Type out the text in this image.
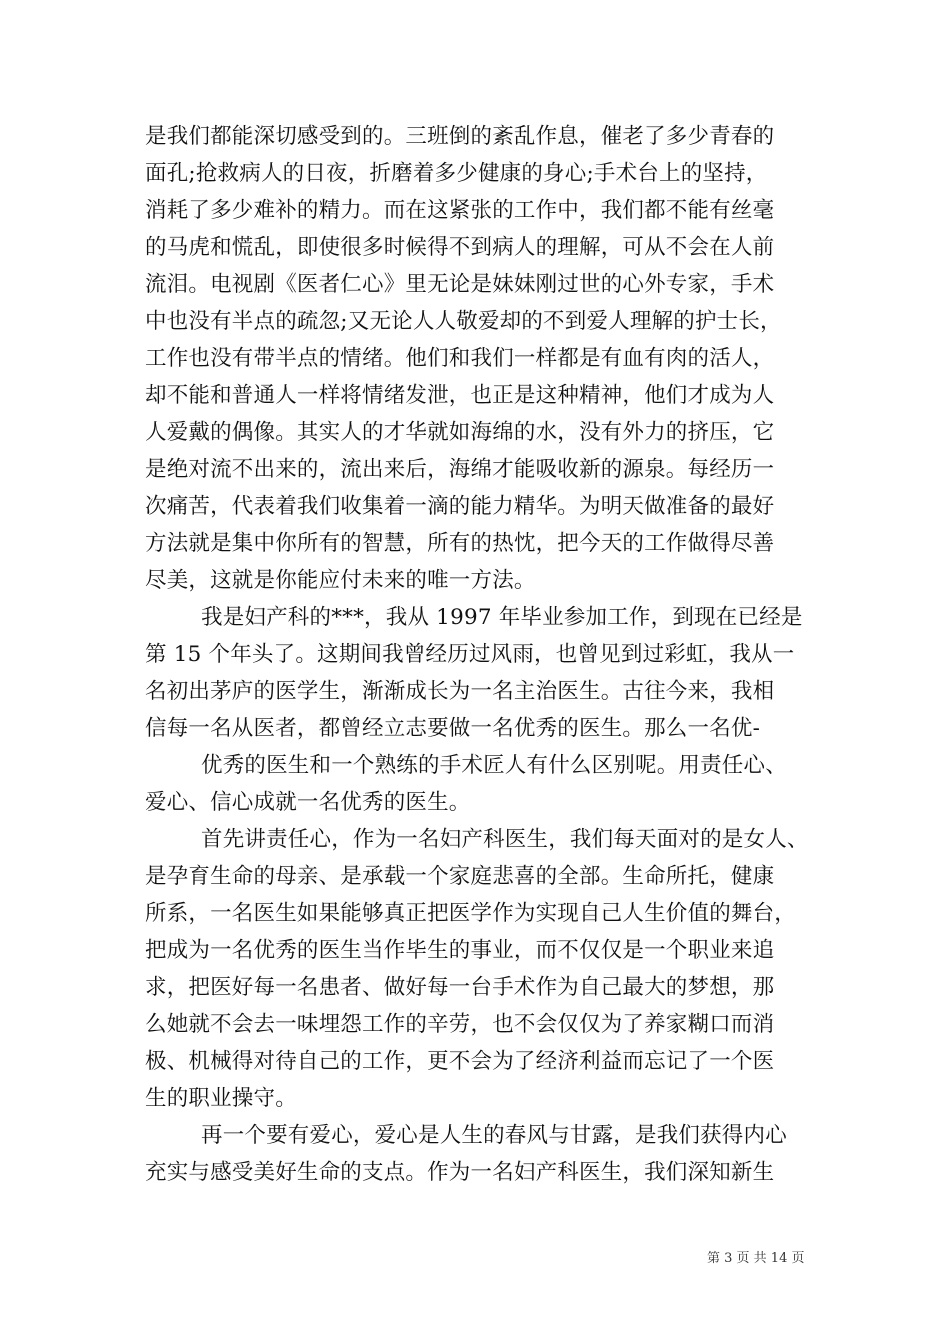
是我们都能深切感受到的。三班倒的紊乱作息，催老了多少青春的
面孔;抢救病人的日夜，折磨着多少健康的身心;手术台上的坚持，
消耗了多少难补的精力。而在这紧张的工作中，我们都不能有丝毫
的马虎和慌乱，即使很多时候得不到病人的理解，可从不会在人前
流泪。电视剧《医者仁心》里无论是妹妹刚过世的心外专家，手术
中也没有半点的疏忽;又无论人人敬爱却的不到爱人理解的护士长，
工作也没有带半点的情绪。他们和我们一样都是有血有肉的活人，
却不能和普通人一样将情绪发泄，也正是这种精神，他们才成为人
人爱戴的偶像。其实人的才华就如海绵的水，没有外力的挤压，它
是绝对流不出来的，流出来后，海绵才能吸收新的源泉。每经历一
次痛苦，代表着我们收集着一滴的能力精华。为明天做准备的最好
方法就是集中你所有的智慧，所有的热忱，把今天的工作做得尽善
尽美，这就是你能应付未来的唯一方法。
我是妇产科的***，我从 1997 年毕业参加工作，到现在已经是
第 15 个年头了。这期间我曾经历过风雨，也曾见到过彩虹，我从一
名初出茅庐的医学生，渐渐成长为一名主治医生。古往今来，我相
信每一名从医者，都曾经立志要做一名优秀的医生。那么一名优-
优秀的医生和一个熟练的手术匠人有什么区别呢。用责任心、
爱心、信心成就一名优秀的医生。
首先讲责任心，作为一名妇产科医生，我们每天面对的是女人、
是孕育生命的母亲、是承载一个家庭悲喜的全部。生命所托，健康
所系，一名医生如果能够真正把医学作为实现自己人生价值的舞台，
把成为一名优秀的医生当作毕生的事业，而不仅仅是一个职业来追
求，把医好每一名患者、做好每一台手术作为自己最大的梦想，那
么她就不会去一味埋怨工作的辛劳，也不会仅仅为了养家糊口而消
极、机械得对待自己的工作，更不会为了经济利益而忘记了一个医
生的职业操守。
再一个要有爱心，爱心是人生的春风与甘露，是我们获得内心
充实与感受美好生命的支点。作为一名妇产科医生，我们深知新生
第 3 页 共 14 页
